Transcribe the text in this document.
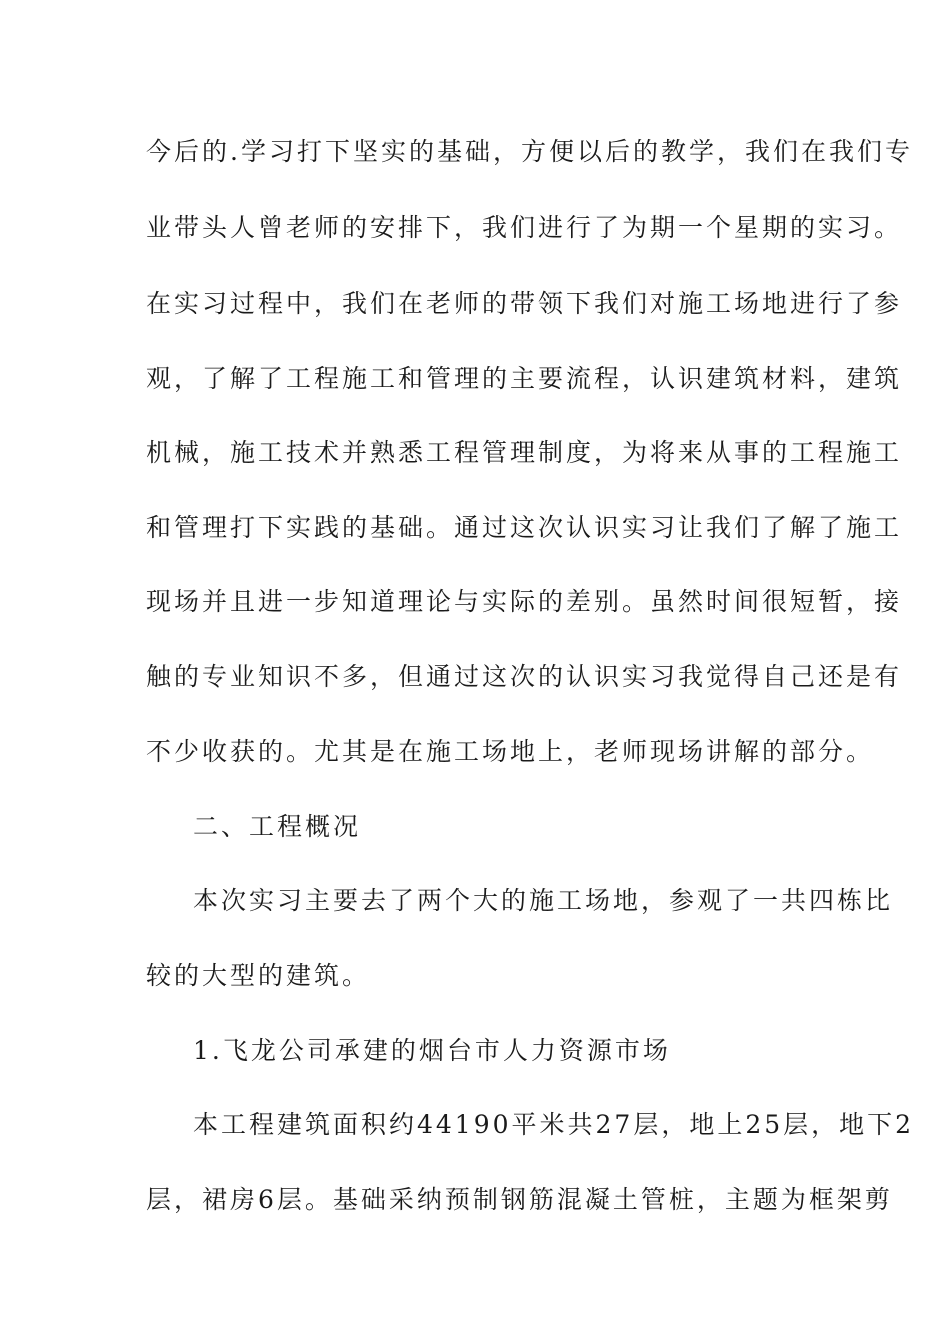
今后的.学习打下坚实的基础，方便以后的教学，我们在我们专
业带头人曾老师的安排下，我们进行了为期一个星期的实习。
在实习过程中，我们在老师的带领下我们对施工场地进行了参
观，了解了工程施工和管理的主要流程，认识建筑材料，建筑
机械，施工技术并熟悉工程管理制度，为将来从事的工程施工
和管理打下实践的基础。通过这次认识实习让我们了解了施工
现场并且进一步知道理论与实际的差别。虽然时间很短暂，接
触的专业知识不多，但通过这次的认识实习我觉得自己还是有
不少收获的。尤其是在施工场地上，老师现场讲解的部分。
二、工程概况
本次实习主要去了两个大的施工场地，参观了一共四栋比
较的大型的建筑。
1.飞龙公司承建的烟台市人力资源市场
本工程建筑面积约44190平米共27层，地上25层，地下2
层，裙房6层。基础采纳预制钢筋混凝土管桩，主题为框架剪
